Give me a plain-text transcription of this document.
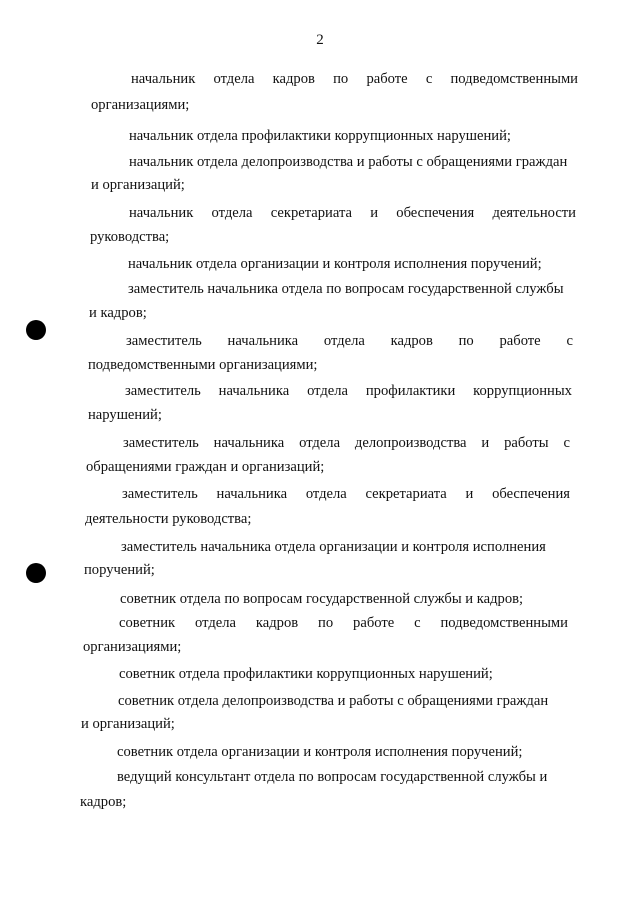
2
начальник отдела кадров по работе с подведомственными
организациями;
начальник отдела профилактики коррупционных нарушений;
начальник отдела делопроизводства и работы с обращениями граждан
и организаций;
начальник отдела секретариата и обеспечения деятельности
руководства;
начальник отдела организации и контроля исполнения поручений;
заместитель начальника отдела по вопросам государственной службы
и кадров;
заместитель начальника отдела кадров по работе с
подведомственными организациями;
заместитель начальника отдела профилактики коррупционных
нарушений;
заместитель начальника отдела делопроизводства и работы с
обращениями граждан и организаций;
заместитель начальника отдела секретариата и обеспечения
деятельности руководства;
заместитель начальника отдела организации и контроля исполнения
поручений;
советник отдела по вопросам государственной службы и кадров;
советник отдела кадров по работе с подведомственными
организациями;
советник отдела профилактики коррупционных нарушений;
советник отдела делопроизводства и работы с обращениями граждан
и организаций;
советник отдела организации и контроля исполнения поручений;
ведущий консультант отдела по вопросам государственной службы и
кадров;
